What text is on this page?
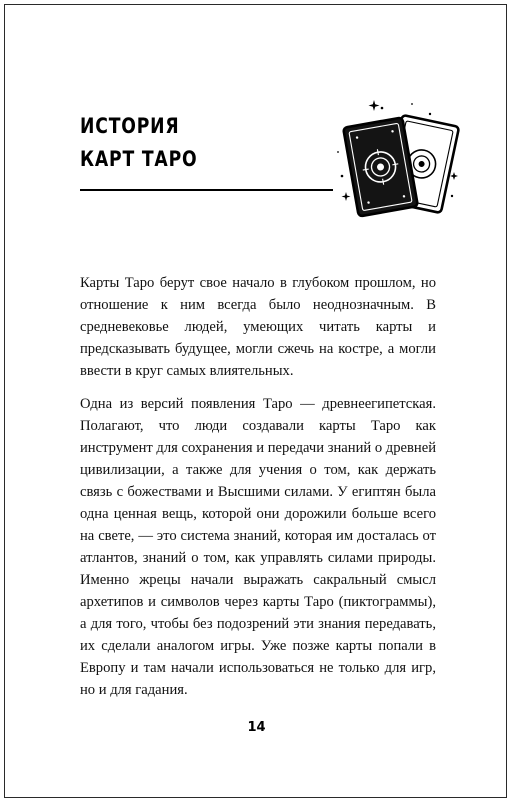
ИСТОРИЯ
КАРТ ТАРО

Карты Таро берут свое начало в глубоком прошлом, но отношение к ним всегда было неоднозначным. В средневековье людей, умеющих читать карты и предсказывать будущее, могли сжечь на костре, а могли ввести в круг самых влиятельных.

Одна из версий появления Таро — древнеегипетская. Полагают, что люди создавали карты Таро как инструмент для сохранения и передачи знаний о древней цивилизации, а также для учения о том, как держать связь с божествами и Высшими силами. У египтян была одна ценная вещь, которой они дорожили больше всего на свете, — это система знаний, которая им досталась от атлантов, знаний о том, как управлять силами природы. Именно жрецы начали выражать сакральный смысл архетипов и символов через карты Таро (пиктограммы), а для того, чтобы без подозрений эти знания передавать, их сделали аналогом игры. Уже позже карты попали в Европу и там начали использоваться не только для игр, но и для гадания.

14
